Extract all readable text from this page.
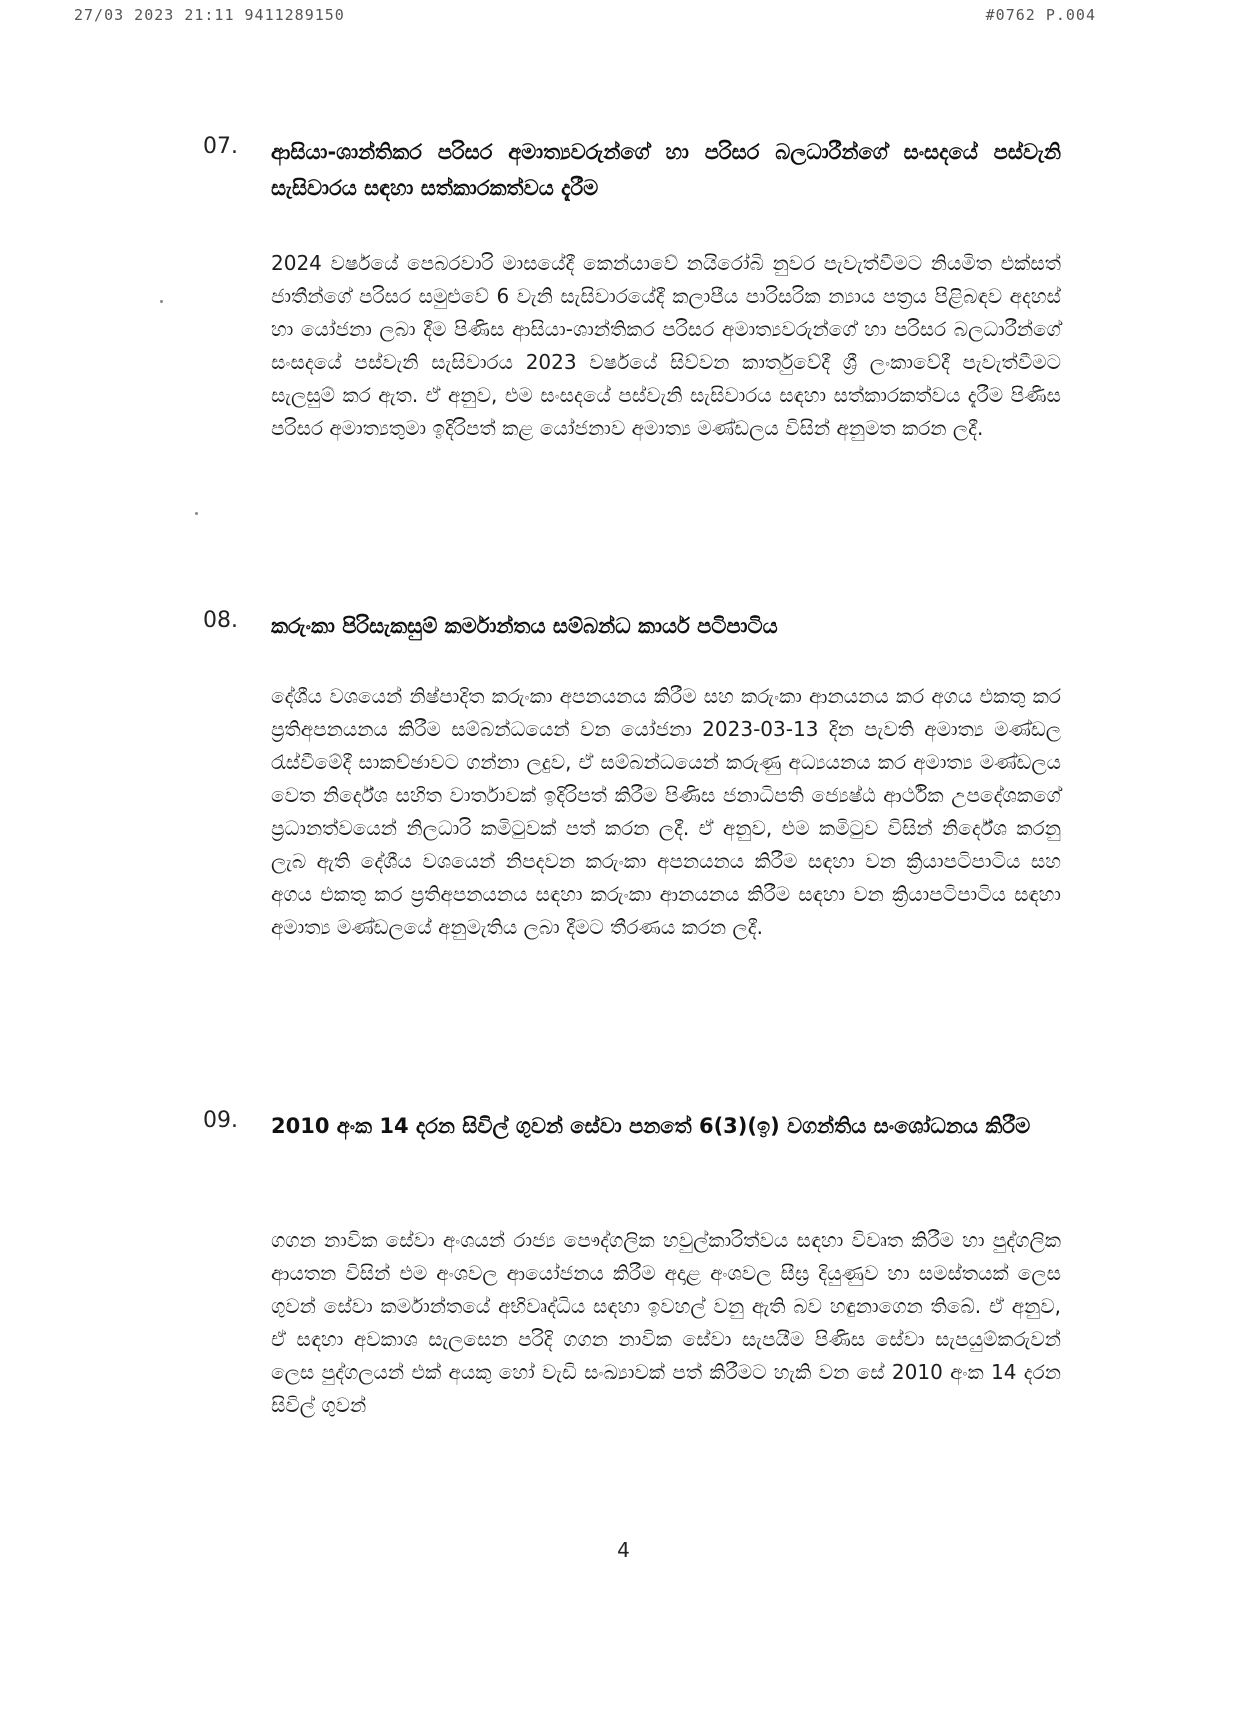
27/03 2023 21:11 9411289150	#0762 P.004
07. ආසියා-ශාන්තිකර පරිසර අමාත්‍යවරුන්ගේ හා පරිසර බලධාරීන්ගේ සංසදයේ පස්වැනි සැසිවාරය සඳහා සත්කාරකත්වය දැරීම
2024 වර්ෂයේ පෙබරවාරි මාසයේදී කෙන්යාවේ නයිරෝබි නුවර පැවැත්වීමට නියමිත එක්සත් ජාතීන්ගේ පරිසර සමුළුවේ 6 වැනි සැසිවාරයේදී කලාපීය පාරිසරික න්‍යාය පත්‍රය පිළිබඳව අදහස් හා යෝජනා ලබා දීම පිණිස ආසියා-ශාන්තිකර පරිසර අමාත්‍යවරුන්ගේ හා පරිසර බලධාරීන්ගේ සංසදයේ පස්වැනි සැසිවාරය 2023 වර්ෂයේ සිව්වන කාර්තුවේදී ශ්‍රී ලංකාවේදී පැවැත්වීමට සැලසුම් කර ඇත. ඒ අනුව, එම සංසදයේ පස්වැනි සැසිවාරය සඳහා සත්කාරකත්වය දැරීම පිණිස පරිසර අමාත්‍යතුමා ඉදිරිපත් කළ යෝජනාව අමාත්‍ය මණ්ඩලය විසින් අනුමත කරන ලදී.
08. කරුංකා පිරිසැකසුම් කර්මාන්තය සම්බන්ධ කාර්ය පටිපාටිය
දේශීය වශයෙන් නිෂ්පාදිත කරුංකා අපනයනය කිරීම සහ කරුංකා ආනයනය කර අගය එකතු කර ප්‍රතිඅපනයනය කිරීම සම්බන්ධයෙන් වන යෝජනා 2023-03-13 දින පැවති අමාත්‍ය මණ්ඩල රැස්වීමේදී සාකච්ඡාවට ගන්නා ලදුව, ඒ සම්බන්ධයෙන් කරුණු අධ්‍යයනය කර අමාත්‍ය මණ්ඩලය වෙත නිර්දේශ සහිත වාර්තාවක් ඉදිරිපත් කිරීම පිණිස ජනාධිපති ජ්‍යෙෂ්ඨ ආර්ථික උපදේශකගේ ප්‍රධානත්වයෙන් නිලධාරි කමිටුවක් පත් කරන ලදී. ඒ අනුව, එම කමිටුව විසින් නිර්දේශ කරනු ලැබ ඇති දේශීය වශයෙන් නිපදවන කරුංකා අපනයනය කිරීම සඳහා වන ක්‍රියාපටිපාටිය සහ අගය එකතු කර ප්‍රතිඅපනයනය සඳහා කරුංකා ආනයනය කිරීම සඳහා වන ක්‍රියාපටිපාටිය සඳහා අමාත්‍ය මණ්ඩලයේ අනුමැතිය ලබා දීමට තීරණය කරන ලදී.
09. 2010 අංක 14 දරන සිවිල් ගුවන් සේවා පනතේ 6(3)(ඉ) වගන්තිය සංශෝධනය කිරීම
ගගන නාවික සේවා අංශයන් රාජ්‍ය පෞද්ගලික හවුල්කාරිත්වය සඳහා විවෘත කිරීම හා පුද්ගලික ආයතන විසින් එම අංශවල ආයෝජනය කිරීම අදාළ අංශවල සීඝ්‍ර දියුණුව හා සමස්තයක් ලෙස ගුවන් සේවා කර්මාන්තයේ අභිවෘද්ධිය සඳහා ඉවහල් වනු ඇති බව හඳුනාගෙන තිබේ. ඒ අනුව, ඒ සඳහා අවකාශ සැලසෙන පරිදි ගගන නාවික සේවා සැපයීම පිණිස සේවා සැපයුම්කරුවන් ලෙස පුද්ගලයන් එක් අයකු හෝ වැඩි සංඛ්‍යාවක් පත් කිරීමට හැකි වන සේ 2010 අංක 14 දරන සිවිල් ගුවන්
4
